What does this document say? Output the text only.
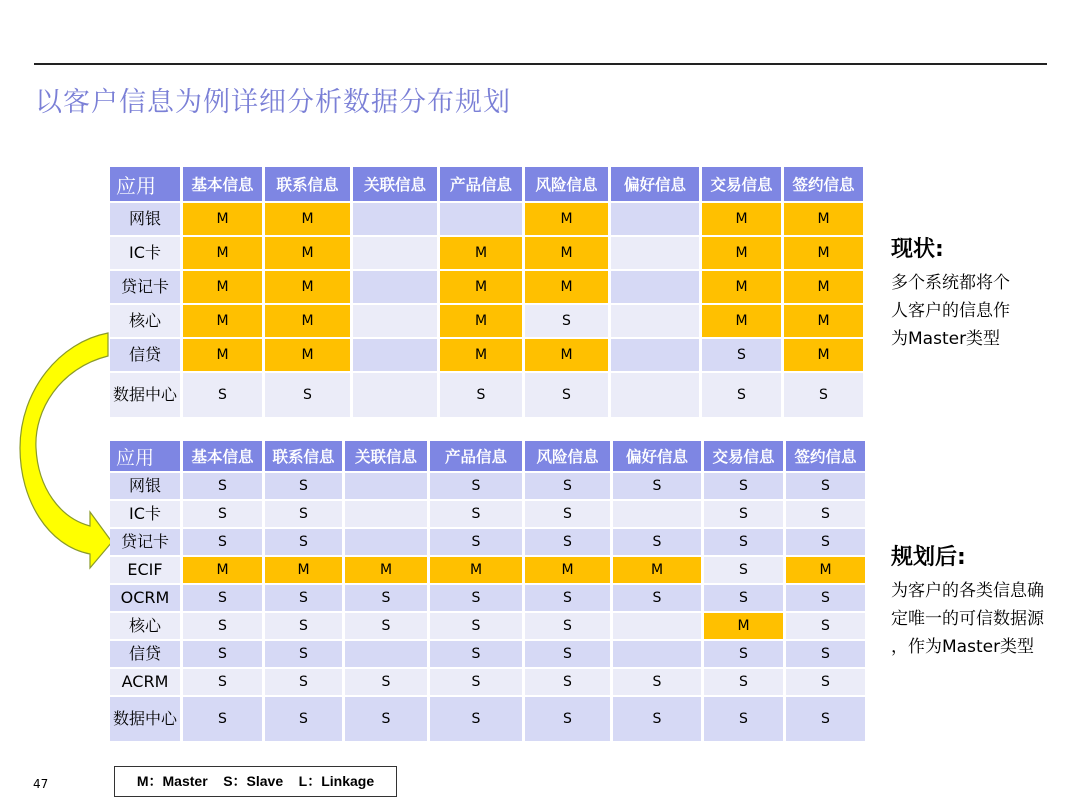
以客户信息为例详细分析数据分布规划
应用	基本信息	联系信息	关联信息	产品信息	风险信息	偏好信息	交易信息	签约信息
网银	M	M			M		M	M
IC卡	M	M		M	M		M	M
贷记卡	M	M		M	M		M	M
核心	M	M		M	S		M	M
信贷	M	M		M	M		S	M
数据中心	S	S		S	S		S	S
应用	基本信息	联系信息	关联信息	产品信息	风险信息	偏好信息	交易信息	签约信息
网银	S	S		S	S	S	S	S
IC卡	S	S		S	S		S	S
贷记卡	S	S		S	S	S	S	S
ECIF	M	M	M	M	M	M	S	M
OCRM	S	S	S	S	S	S	S	S
核心	S	S	S	S	S		M	S
信贷	S	S		S	S		S	S
ACRM	S	S	S	S	S	S	S	S
数据中心	S	S	S	S	S	S	S	S
现状:
多个系统都将个
人客户的信息作
为Master类型
规划后:
为客户的各类信息确
定唯一的可信数据源
，作为Master类型
47	M：Master    S：Slave    L：Linkage
